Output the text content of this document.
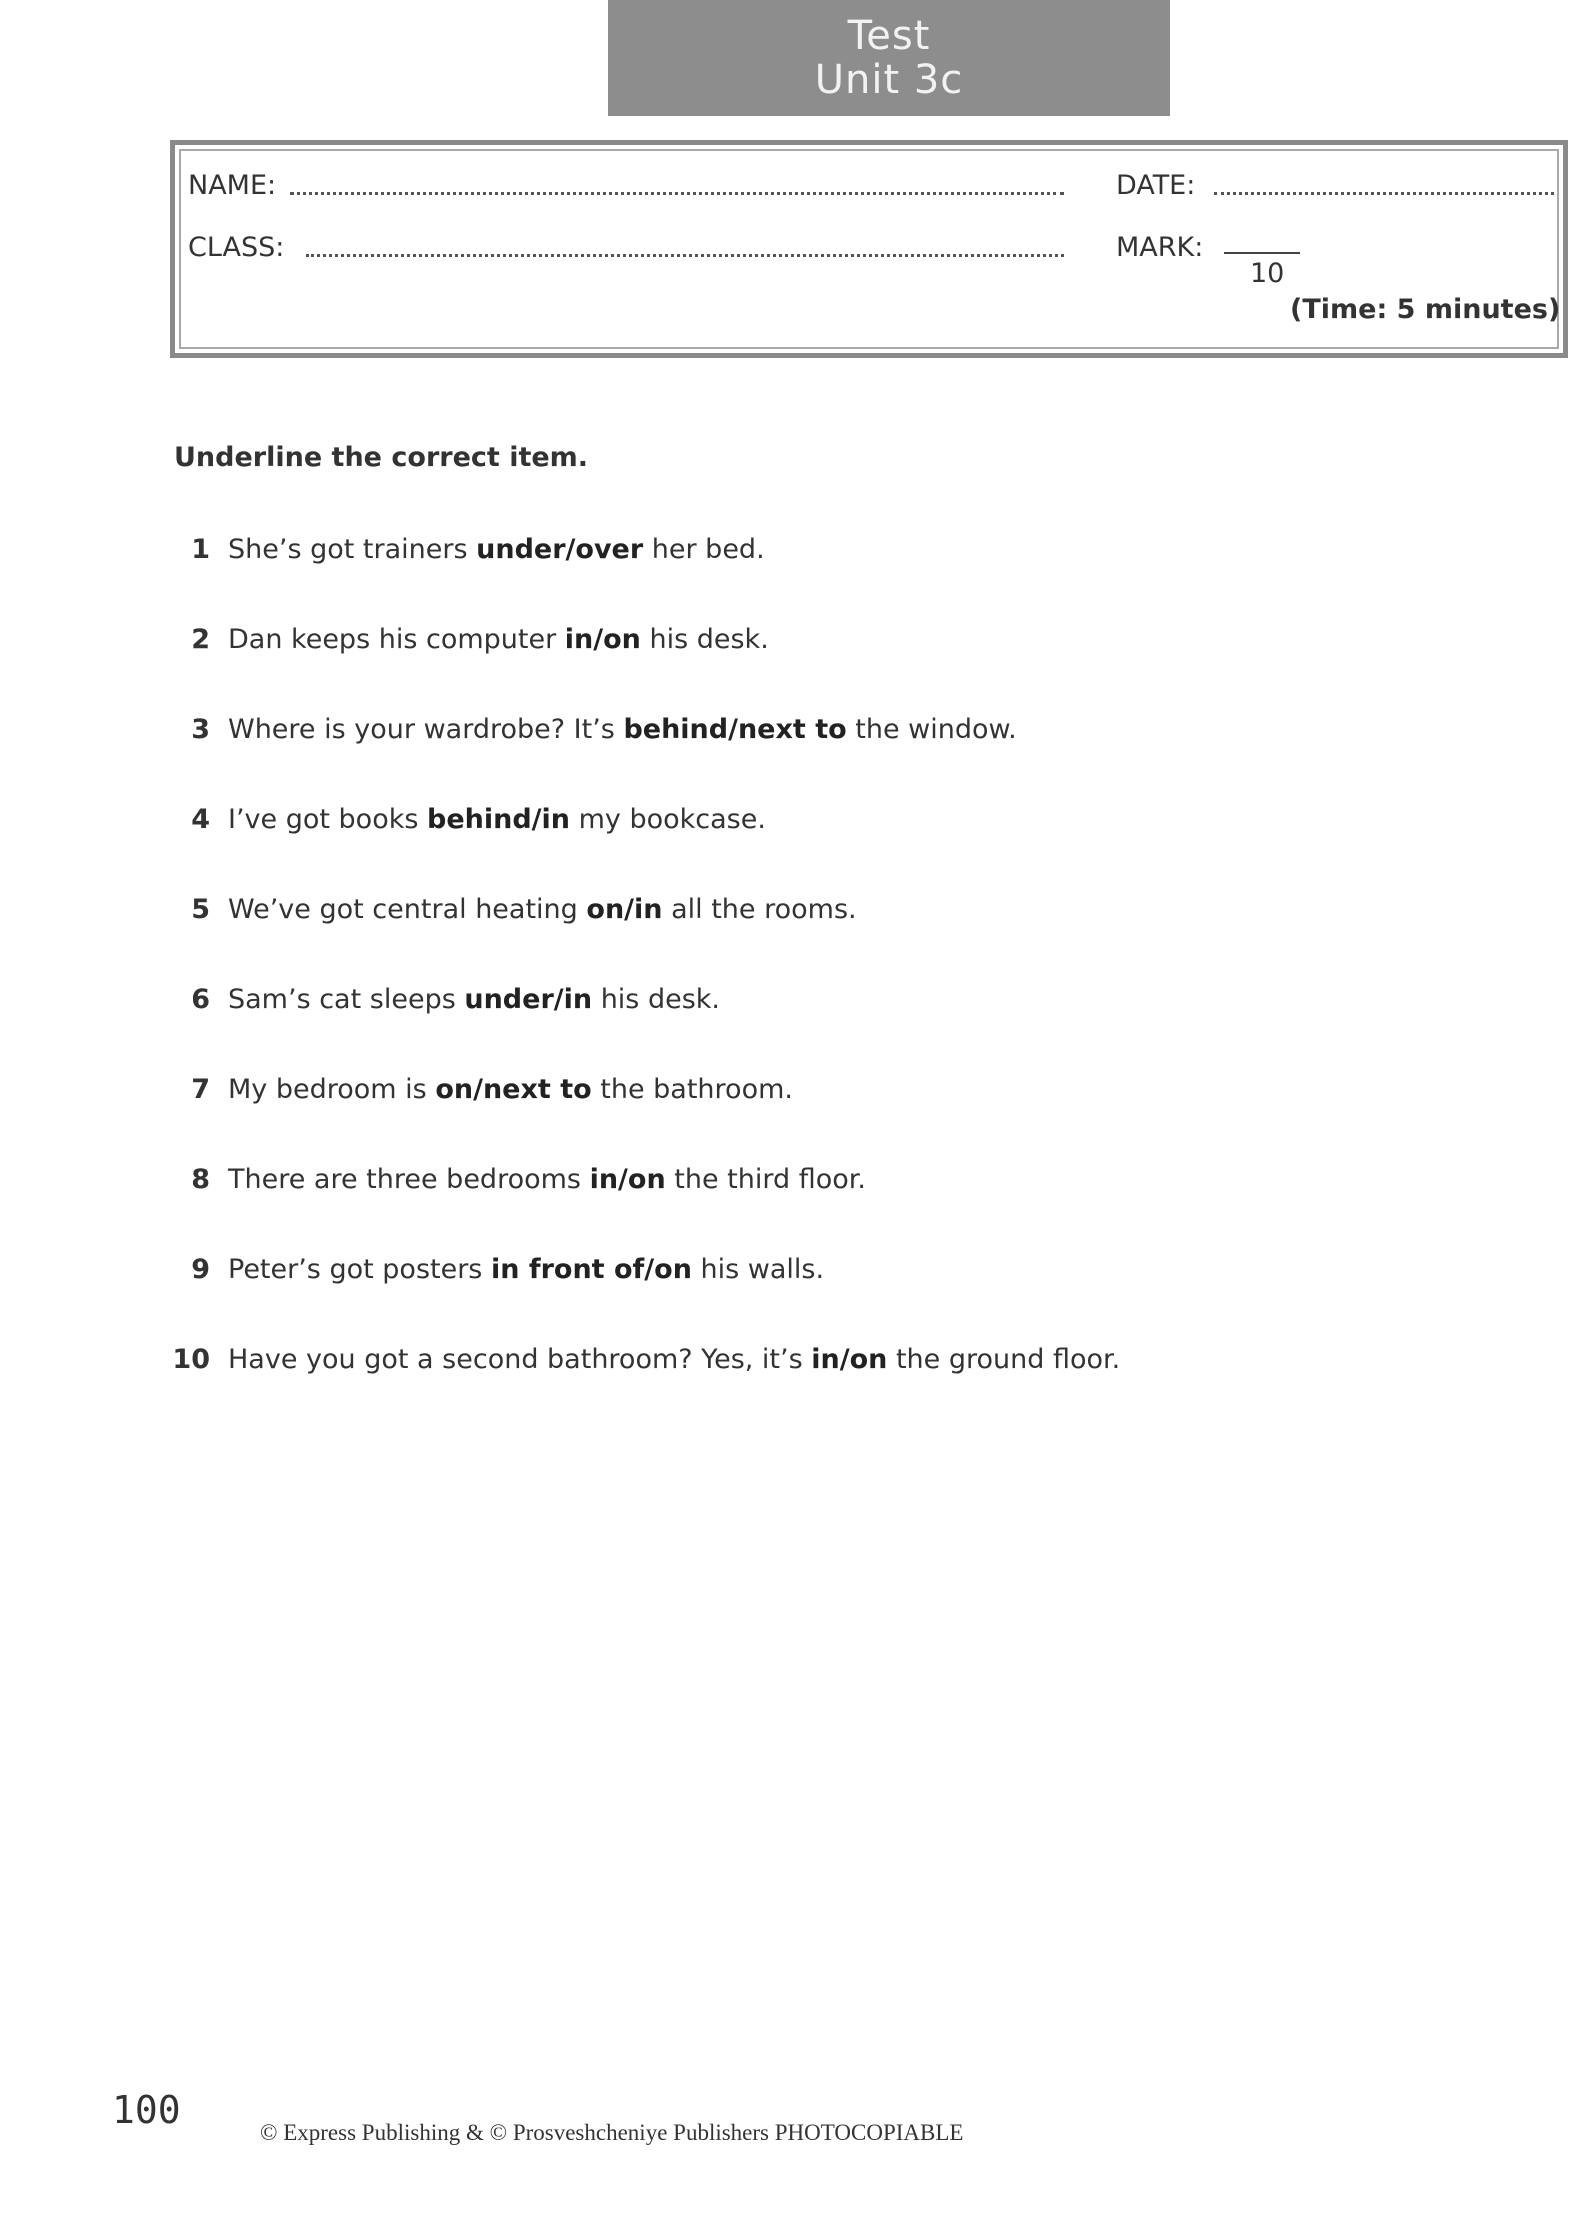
Test
Unit 3c
NAME:	DATE:
CLASS:	MARK:
10
(Time: 5 minutes)
Underline the correct item.
1 She’s got trainers under/over her bed.
2 Dan keeps his computer in/on his desk.
3 Where is your wardrobe? It’s behind/next to the window.
4 I’ve got books behind/in my bookcase.
5 We’ve got central heating on/in all the rooms.
6 Sam’s cat sleeps under/in his desk.
7 My bedroom is on/next to the bathroom.
8 There are three bedrooms in/on the third floor.
9 Peter’s got posters in front of/on his walls.
10 Have you got a second bathroom? Yes, it’s in/on the ground floor.
100
© Express Publishing & © Prosveshcheniye Publishers PHOTOCOPIABLE
